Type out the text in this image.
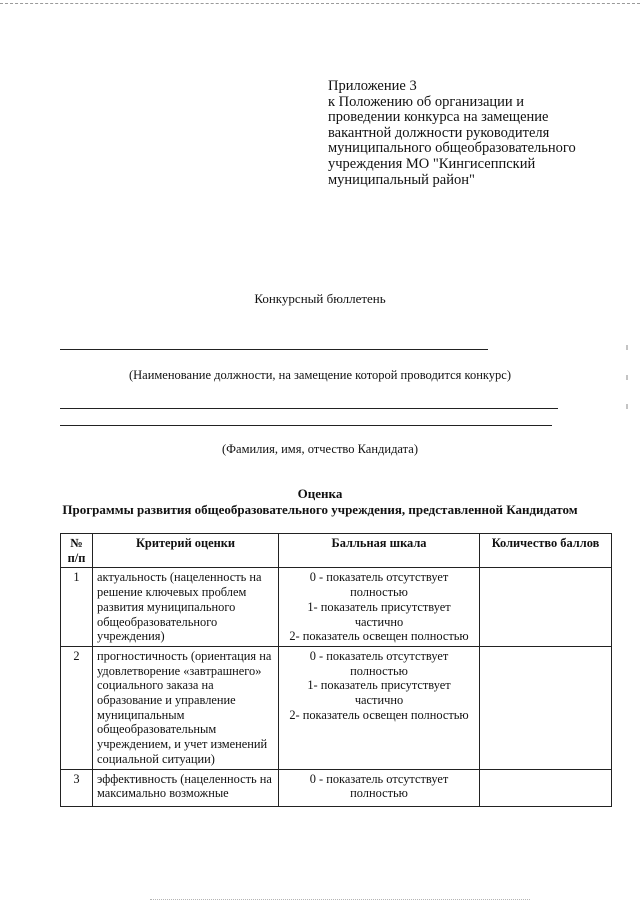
Приложение 3
к Положению об организации и
проведении конкурса на замещение
вакантной должности руководителя
муниципального общеобразовательного
учреждения МО "Кингисеппский
муниципальный район"
Конкурсный бюллетень
(Наименование должности, на замещение которой проводится конкурс)
(Фамилия, имя, отчество Кандидата)
Оценка
Программы развития общеобразовательного учреждения, представленной Кандидатом
№ п/п	Критерий оценки	Балльная шкала	Количество баллов
1	актуальность (нацеленность на решение ключевых проблем развития муниципального общеобразовательного учреждения)	0 - показатель отсутствует полностью
1- показатель присутствует частично
2- показатель освещен полностью	

2	прогностичность (ориентация на удовлетворение «завтрашнего» социального заказа на образование и управление муниципальным общеобразовательным учреждением, и учет изменений социальной ситуации)	0 - показатель отсутствует полностью
1- показатель присутствует частично
2- показатель освещен полностью	

3	эффективность (нацеленность на максимально возможные	0 - показатель отсутствует полностью	
